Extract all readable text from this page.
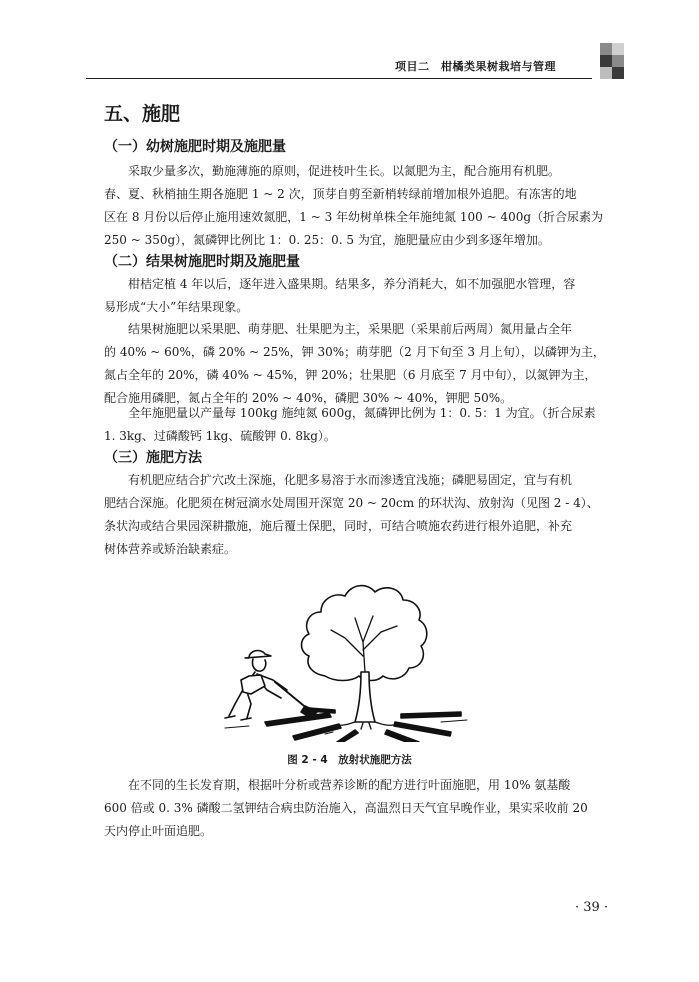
项目二　柑橘类果树栽培与管理
五、施肥
（一）幼树施肥时期及施肥量
采取少量多次，勤施薄施的原则，促进枝叶生长。以氮肥为主，配合施用有机肥。
春、夏、秋梢抽生期各施肥 1 ~ 2 次，顶芽自剪至新梢转绿前增加根外追肥。有冻害的地
区在 8 月份以后停止施用速效氮肥，1 ~ 3 年幼树单株全年施纯氮 100 ~ 400g（折合尿素为
250 ~ 350g），氮磷钾比例比 1：0. 25：0. 5 为宜，施肥量应由少到多逐年增加。
（二）结果树施肥时期及施肥量
柑桔定植 4 年以后，逐年进入盛果期。结果多，养分消耗大，如不加强肥水管理，容
易形成“大小”年结果现象。
结果树施肥以采果肥、萌芽肥、壮果肥为主，采果肥（采果前后两周）氮用量占全年
的 40% ~ 60%，磷 20% ~ 25%，钾 30%；萌芽肥（2 月下旬至 3 月上旬），以磷钾为主，
氮占全年的 20%，磷 40% ~ 45%，钾 20%；壮果肥（6 月底至 7 月中旬），以氮钾为主，
配合施用磷肥，氮占全年的 20% ~ 40%，磷肥 30% ~ 40%，钾肥 50%。
全年施肥量以产量每 100kg 施纯氮 600g，氮磷钾比例为 1：0. 5：1 为宜。（折合尿素
1. 3kg、过磷酸钙 1kg、硫酸钾 0. 8kg）。
（三）施肥方法
有机肥应结合扩穴改土深施，化肥多易溶于水而渗透宜浅施；磷肥易固定，宜与有机
肥结合深施。化肥须在树冠滴水处周围开深宽 20 ~ 20cm 的环状沟、放射沟（见图 2 - 4）、
条状沟或结合果园深耕撒施，施后覆土保肥，同时，可结合喷施农药进行根外追肥，补充
树体营养或矫治缺素症。
图 2 - 4　放射状施肥方法
在不同的生长发育期，根据叶分析或营养诊断的配方进行叶面施肥，用 10% 氨基酸
600 倍或 0. 3% 磷酸二氢钾结合病虫防治施入，高温烈日天气宜早晚作业，果实采收前 20
天内停止叶面追肥。
· 39 ·
